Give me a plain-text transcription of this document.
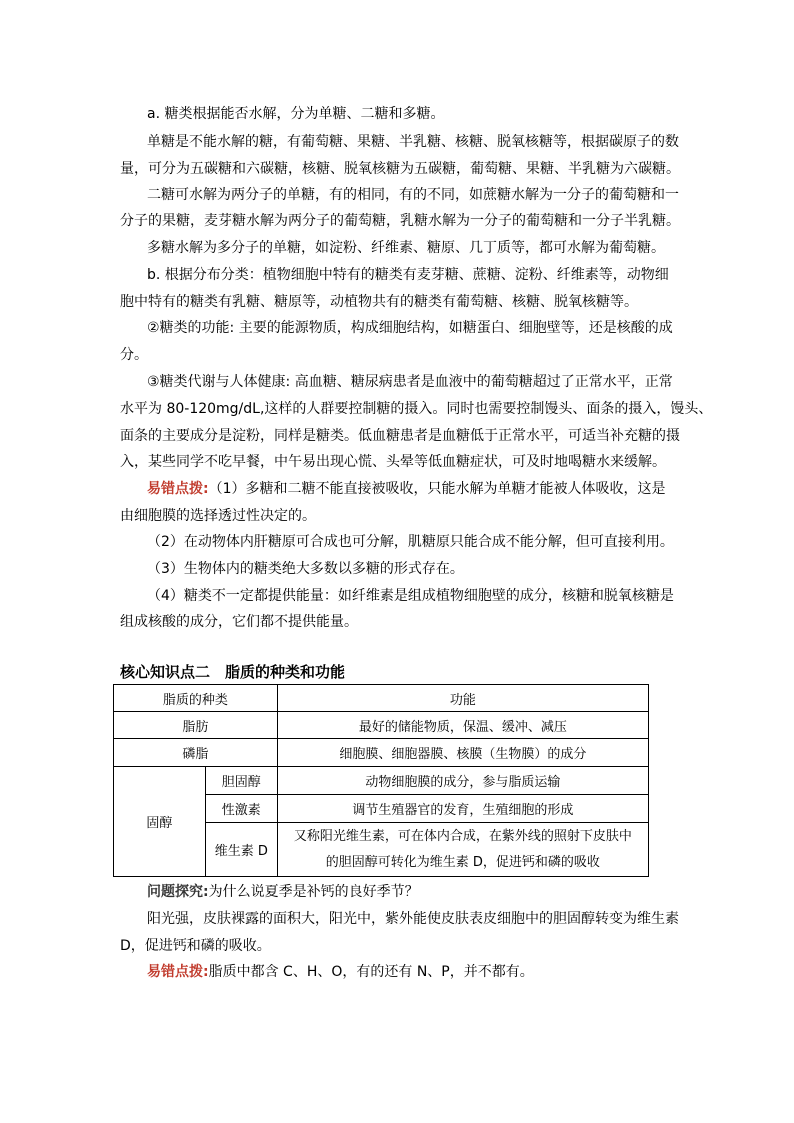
a. 糖类根据能否水解，分为单糖、二糖和多糖。

单糖是不能水解的糖，有葡萄糖、果糖、半乳糖、核糖、脱氧核糖等，根据碳原子的数

量，可分为五碳糖和六碳糖，核糖、脱氧核糖为五碳糖，葡萄糖、果糖、半乳糖为六碳糖。

二糖可水解为两分子的单糖，有的相同，有的不同，如蔗糖水解为一分子的葡萄糖和一

分子的果糖，麦芽糖水解为两分子的葡萄糖，乳糖水解为一分子的葡萄糖和一分子半乳糖。

多糖水解为多分子的单糖，如淀粉、纤维素、糖原、几丁质等，都可水解为葡萄糖。

b. 根据分布分类：植物细胞中特有的糖类有麦芽糖、蔗糖、淀粉、纤维素等，动物细

胞中特有的糖类有乳糖、糖原等，动植物共有的糖类有葡萄糖、核糖、脱氧核糖等。

②糖类的功能: 主要的能源物质，构成细胞结构，如糖蛋白、细胞壁等，还是核酸的成

分。

③糖类代谢与人体健康: 高血糖、糖尿病患者是血液中的葡萄糖超过了正常水平，正常

水平为 80-120mg/dL,这样的人群要控制糖的摄入。同时也需要控制馒头、面条的摄入，馒头、

面条的主要成分是淀粉，同样是糖类。低血糖患者是血糖低于正常水平，可适当补充糖的摄

入，某些同学不吃早餐，中午易出现心慌、头晕等低血糖症状，可及时地喝糖水来缓解。

易错点拨:（1）多糖和二糖不能直接被吸收，只能水解为单糖才能被人体吸收，这是

由细胞膜的选择透过性决定的。

（2）在动物体内肝糖原可合成也可分解，肌糖原只能合成不能分解，但可直接利用。

（3）生物体内的糖类绝大多数以多糖的形式存在。

（4）糖类不一定都提供能量：如纤维素是组成植物细胞壁的成分，核糖和脱氧核糖是

组成核酸的成分，它们都不提供能量。

核心知识点二　脂质的种类和功能
脂质的种类		功能
脂肪		最好的储能物质，保温、缓冲、减压
磷脂		细胞膜、细胞器膜、核膜（生物膜）的成分
固醇	胆固醇	动物细胞膜的成分，参与脂质运输
	性激素	调节生殖器官的发育，生殖细胞的形成
	维生素 D	又称阳光维生素，可在体内合成，在紫外线的照射下皮肤中
的胆固醇可转化为维生素 D，促进钙和磷的吸收

问题探究:为什么说夏季是补钙的良好季节？

阳光强，皮肤裸露的面积大，阳光中，紫外能使皮肤表皮细胞中的胆固醇转变为维生素

D，促进钙和磷的吸收。

易错点拨:脂质中都含 C、H、O，有的还有 N、P，并不都有。
